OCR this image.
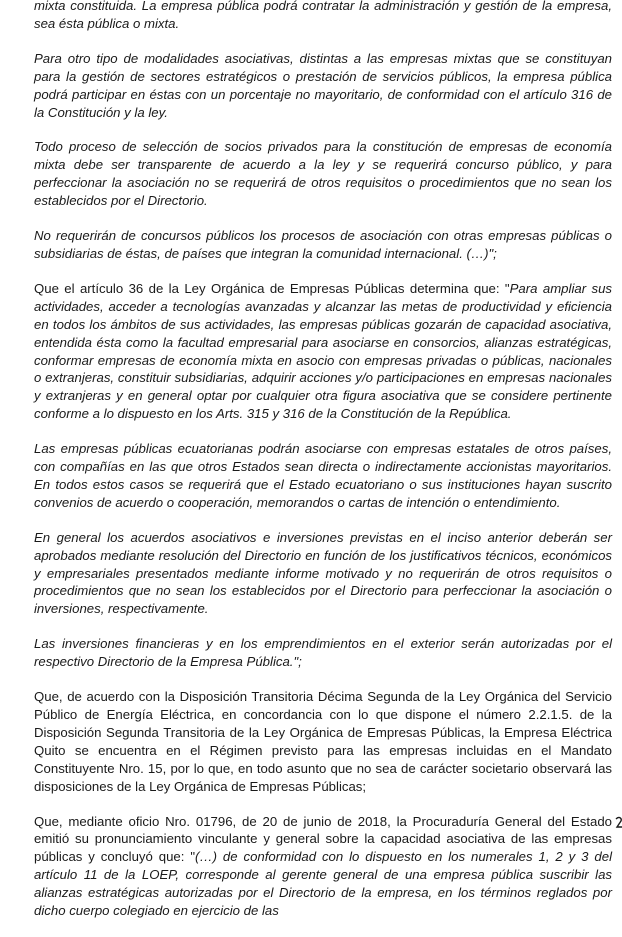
mixta constituida. La empresa pública podrá contratar la administración y gestión de la empresa, sea ésta pública o mixta.

Para otro tipo de modalidades asociativas, distintas a las empresas mixtas que se constituyan para la gestión de sectores estratégicos o prestación de servicios públicos, la empresa pública podrá participar en éstas con un porcentaje no mayoritario, de conformidad con el artículo 316 de la Constitución y la ley.

Todo proceso de selección de socios privados para la constitución de empresas de economía mixta debe ser transparente de acuerdo a la ley y se requerirá concurso público, y para perfeccionar la asociación no se requerirá de otros requisitos o procedimientos que no sean los establecidos por el Directorio.

No requerirán de concursos públicos los procesos de asociación con otras empresas públicas o subsidiarias de éstas, de países que integran la comunidad internacional. (…)";

Que el artículo 36 de la Ley Orgánica de Empresas Públicas determina que: "Para ampliar sus actividades, acceder a tecnologías avanzadas y alcanzar las metas de productividad y eficiencia en todos los ámbitos de sus actividades, las empresas públicas gozarán de capacidad asociativa, entendida ésta como la facultad empresarial para asociarse en consorcios, alianzas estratégicas, conformar empresas de economía mixta en asocio con empresas privadas o públicas, nacionales o extranjeras, constituir subsidiarias, adquirir acciones y/o participaciones en empresas nacionales y extranjeras y en general optar por cualquier otra figura asociativa que se considere pertinente conforme a lo dispuesto en los Arts. 315 y 316 de la Constitución de la República.

Las empresas públicas ecuatorianas podrán asociarse con empresas estatales de otros países, con compañías en las que otros Estados sean directa o indirectamente accionistas mayoritarios. En todos estos casos se requerirá que el Estado ecuatoriano o sus instituciones hayan suscrito convenios de acuerdo o cooperación, memorandos o cartas de intención o entendimiento.

En general los acuerdos asociativos e inversiones previstas en el inciso anterior deberán ser aprobados mediante resolución del Directorio en función de los justificativos técnicos, económicos y empresariales presentados mediante informe motivado y no requerirán de otros requisitos o procedimientos que no sean los establecidos por el Directorio para perfeccionar la asociación o inversiones, respectivamente.

Las inversiones financieras y en los emprendimientos en el exterior serán autorizadas por el respectivo Directorio de la Empresa Pública.";

Que, de acuerdo con la Disposición Transitoria Décima Segunda de la Ley Orgánica del Servicio Público de Energía Eléctrica, en concordancia con lo que dispone el número 2.2.1.5. de la Disposición Segunda Transitoria de la Ley Orgánica de Empresas Públicas, la Empresa Eléctrica Quito se encuentra en el Régimen previsto para las empresas incluidas en el Mandato Constituyente Nro. 15, por lo que, en todo asunto que no sea de carácter societario observará las disposiciones de la Ley Orgánica de Empresas Públicas;

Que, mediante oficio Nro. 01796, de 20 de junio de 2018, la Procuraduría General del Estado emitió su pronunciamiento vinculante y general sobre la capacidad asociativa de las empresas públicas y concluyó que: "(…) de conformidad con lo dispuesto en los numerales 1, 2 y 3 del artículo 11 de la LOEP, corresponde al gerente general de una empresa pública suscribir las alianzas estratégicas autorizadas por el Directorio de la empresa, en los términos reglados por dicho cuerpo colegiado en ejercicio de las
